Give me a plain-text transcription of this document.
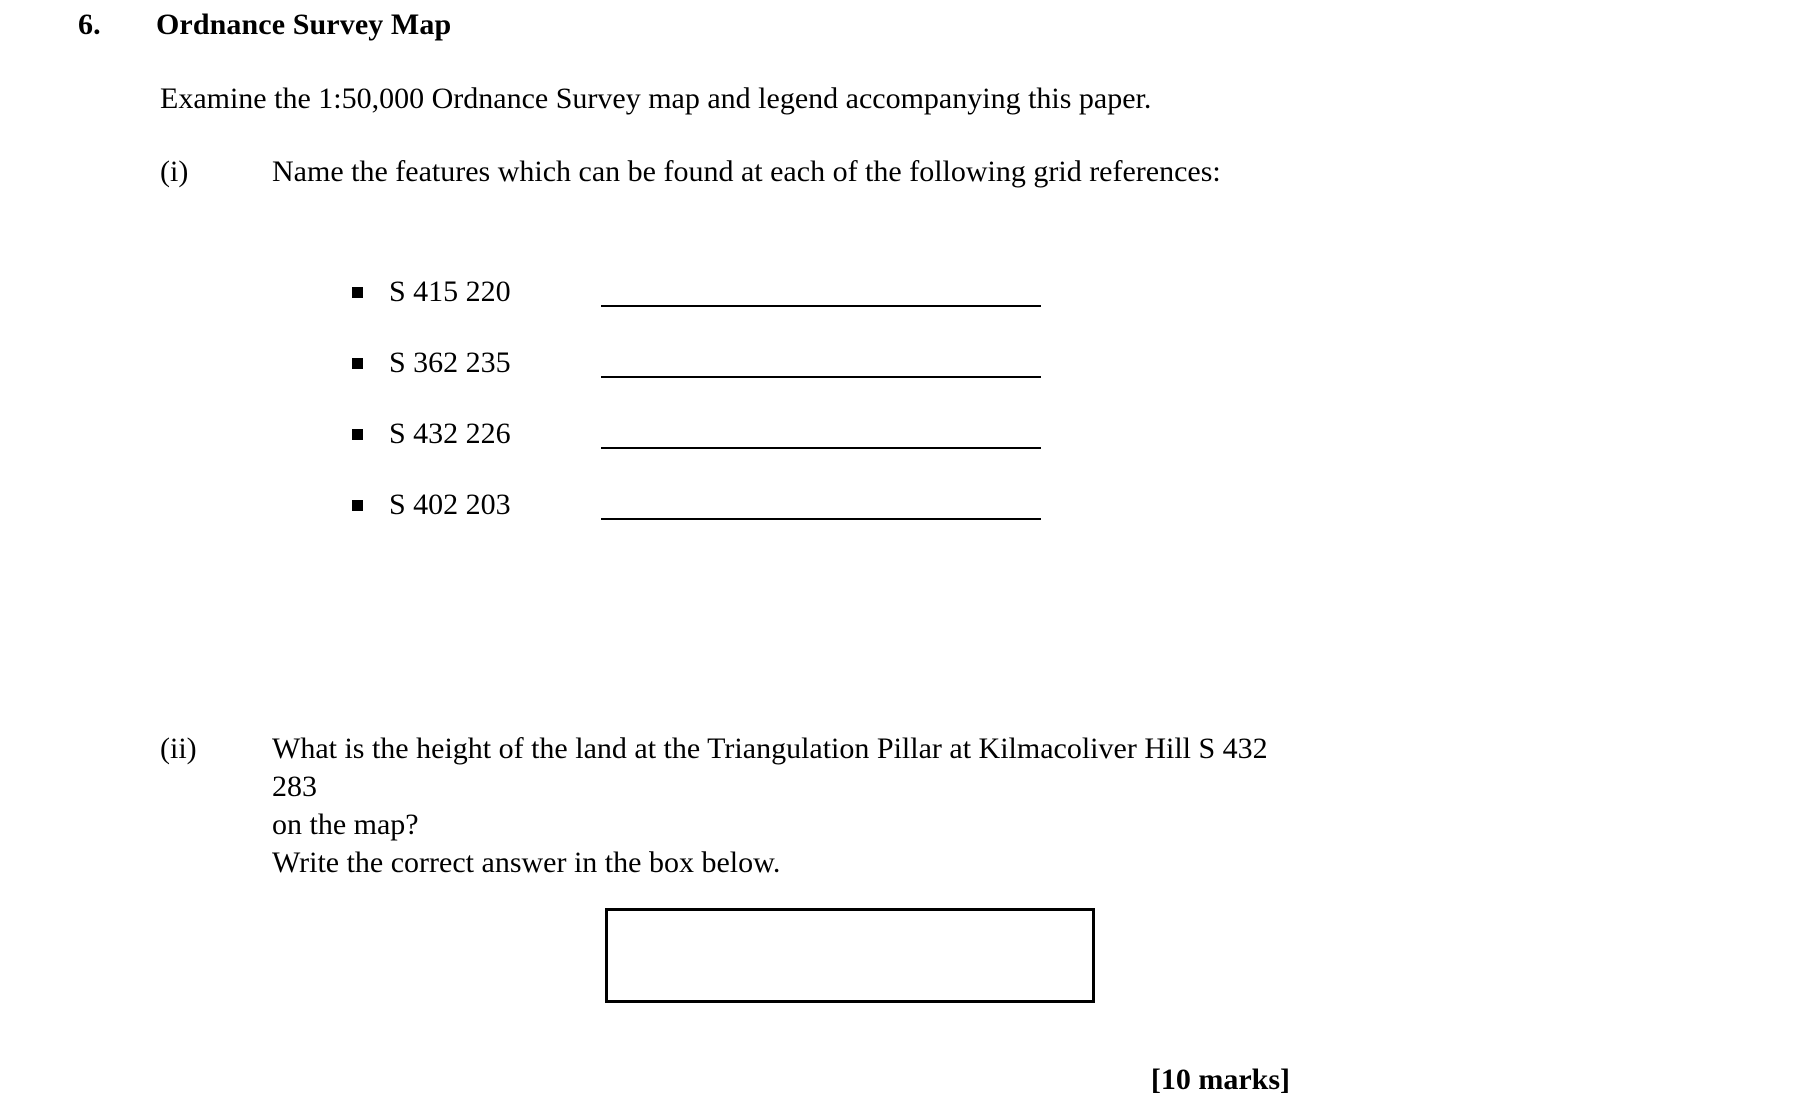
6.	Ordnance Survey Map
Examine the 1:50,000 Ordnance Survey map and legend accompanying this paper.
(i)	Name the features which can be found at each of the following grid references:
S 415 220
S 362 235
S 432 226
S 402 203
(ii)	What is the height of the land at the Triangulation Pillar at Kilmacoliver Hill S 432 283

on the map?

Write the correct answer in the box below.

[10 marks]
